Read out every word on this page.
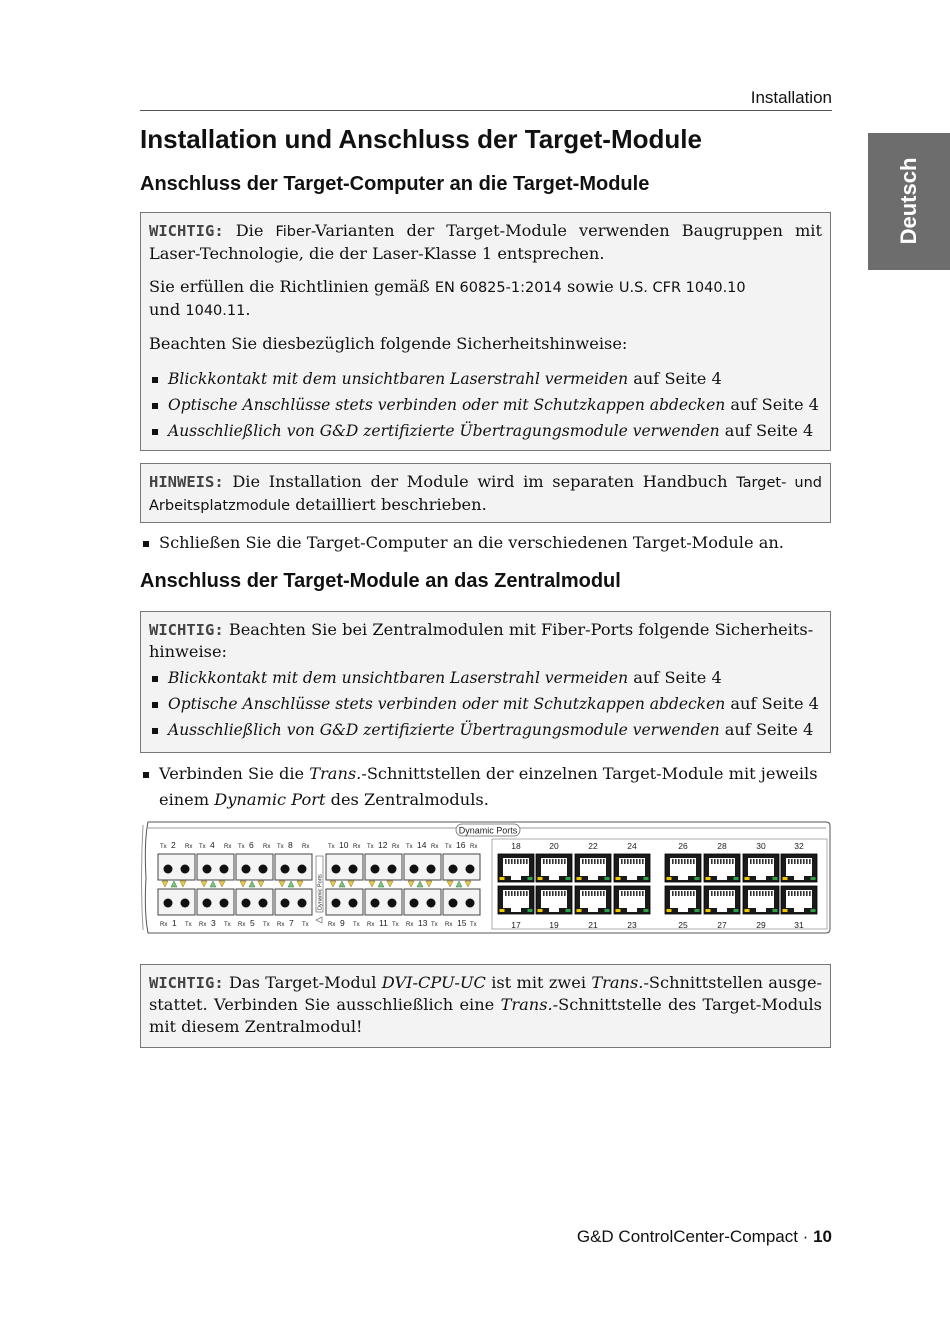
Installation
Deutsch
Installation und Anschluss der Target-Module
Anschluss der Target-Computer an die Target-Module

WICHTIG: Die Fiber-Varianten der Target-Module verwenden Baugruppen mit Laser-Technologie, die der Laser-Klasse 1 entsprechen.

Sie erfüllen die Richtlinien gemäß EN 60825-1:2014 sowie U.S. CFR 1040.10
und 1040.11.

Beachten Sie diesbezüglich folgende Sicherheitshinweise:

Blickkontakt mit dem unsichtbaren Laserstrahl vermeiden auf Seite 4
Optische Anschlüsse stets verbinden oder mit Schutzkappen abdecken auf Seite 4
Ausschließlich von G&D zertifizierte Übertragungsmodule verwenden auf Seite 4

HINWEIS: Die Installation der Module wird im separaten Handbuch Target- und Arbeitsplatzmodule detailliert beschrieben.

Schließen Sie die Target-Computer an die verschiedenen Target-Module an.
Anschluss der Target-Module an das Zentralmodul

WICHTIG: Beachten Sie bei Zentralmodulen mit Fiber-Ports folgende Sicherheits-hinweise:

Blickkontakt mit dem unsichtbaren Laserstrahl vermeiden auf Seite 4
Optische Anschlüsse stets verbinden oder mit Schutzkappen abdecken auf Seite 4
Ausschließlich von G&D zertifizierte Übertragungsmodule verwenden auf Seite 4
Verbinden Sie die Trans.-Schnittstellen der einzelnen Target-Module mit jeweils einem Dynamic Port des Zentralmoduls.
Dynamic Ports
Tx 2 Rx
Rx 1 Tx
Tx 4 Rx
Rx 3 Tx
Tx 6 Rx
Rx 5 Tx
Tx 8 Rx
Rx 7 Tx
Tx 10 Rx
Rx 9 Tx
Tx 12 Rx
Rx 11 Tx
Tx 14 Rx
Rx 13 Tx
Tx 16 Rx
Rx 15 Tx
Dynamic Ports
18
17
20
19
22
21
24
23
26
25
28
27
30
29
32
31

WICHTIG: Das Target-Modul DVI-CPU-UC ist mit zwei Trans.-Schnittstellen ausge-stattet. Verbinden Sie ausschließlich eine Trans.-Schnittstelle des Target-Moduls mit diesem Zentralmodul!

G&D ControlCenter-Compact · 10
